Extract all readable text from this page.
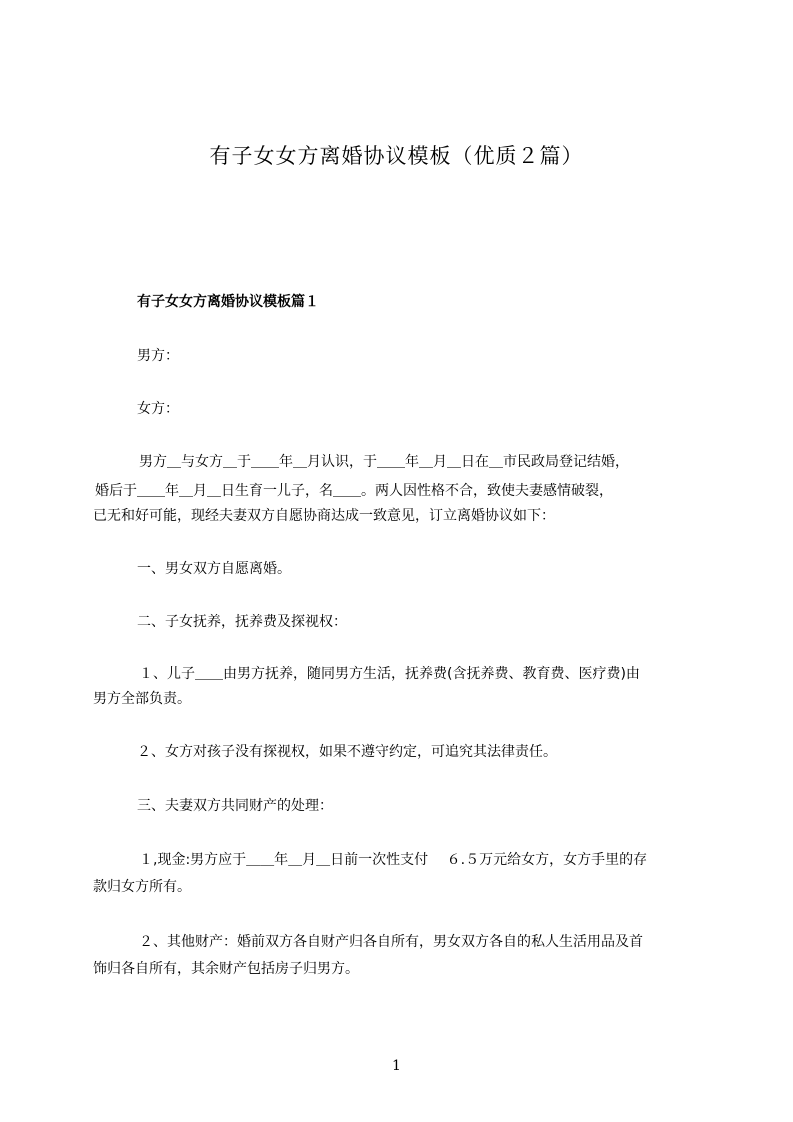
有子女女方离婚协议模板（优质２篇）
有子女女方离婚协议模板篇１
男方：
女方：
男方＿与女方＿于＿＿年＿月认识，于＿＿年＿月＿日在＿市民政局登记结婚，
婚后于＿＿年＿月＿日生育一儿子，名＿＿。两人因性格不合，致使夫妻感情破裂，
已无和好可能，现经夫妻双方自愿协商达成一致意见，订立离婚协议如下：
一、男女双方自愿离婚。
二、子女抚养，抚养费及探视权：
１、儿子＿＿由男方抚养，随同男方生活，抚养费(含抚养费、教育费、医疗费)由
男方全部负责。
２、女方对孩子没有探视权，如果不遵守约定，可追究其法律责任。
三、夫妻双方共同财产的处理：
１,现金:男方应于＿＿年＿月＿日前一次性支付　 ６.５万元给女方，女方手里的存
款归女方所有。
２、其他财产：婚前双方各自财产归各自所有，男女双方各自的私人生活用品及首
饰归各自所有，其余财产包括房子归男方。
1
